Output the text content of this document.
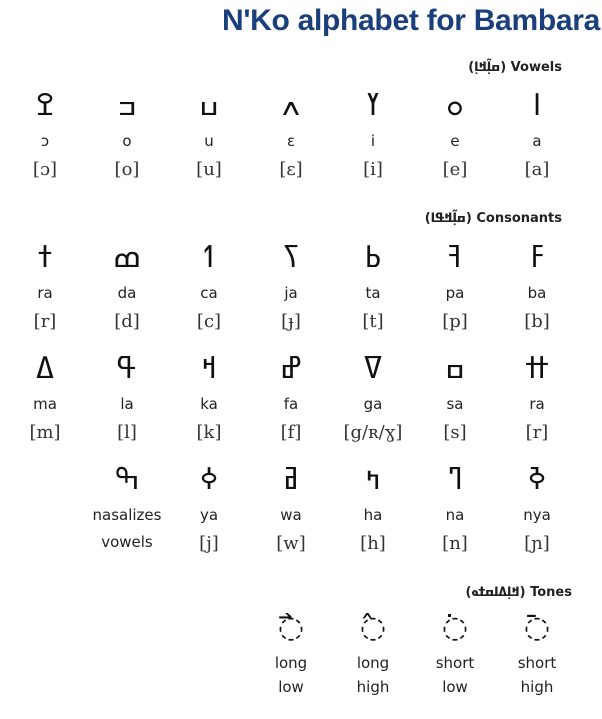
N'Ko alphabet for Bambara
(ߛߊ߲߬ߞߊ߲) Vowels
ߐ
ɔ
[ɔ]
ߏ
o
[o]
ߎ
u
[u]
ߍ
ɛ
[ɛ]
ߌ
i
[i]
ߋ
e
[e]
ߊ
a
[a]
(ߛߊ߲߬ߞߟߊ) Consonants
ߙ
ra
[r]
ߘ
da
[d]
ߗ
ca
[c]
ߖ
ja
[ɟ]
ߕ
ta
[t]
ߔ
pa
[p]
ߓ
ba
[b]
ߡ
ma
[m]
ߟ
la
[l]
ߞ
ka
[k]
ߝ
fa
[f]
ߜ
ga
[g/ʀ/ɣ]
ߛ
sa
[s]
ߚ
ra
[r]
ߒ
nasalizes
vowels
ߦ
ya
[j]
ߥ
wa
[w]
ߤ
ha
[h]
ߣ
na
[n]
ߢ
nya
[ɲ]
(ߞߊ߲ߡߊߛߙߋ) Tones
◌߯
long
low
◌߮
long
high
◌߭
short
low
◌߫
short
high
